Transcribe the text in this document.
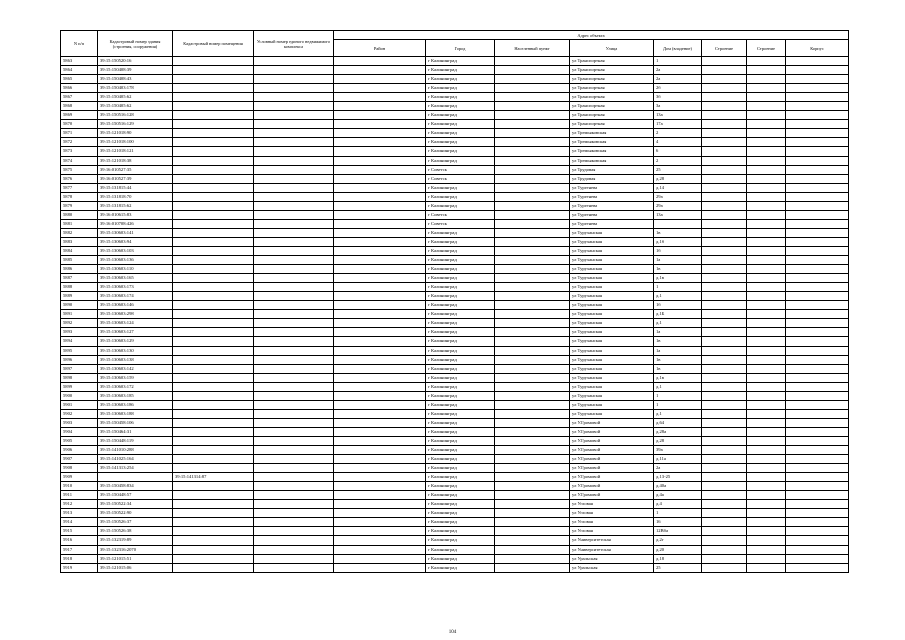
N п/п	Кадастровый номер здания (строения, сооружения)	Кадастровый номер помещения	Условный номер единого недвижимого комплекса	Адрес объекта							
				Район	Город	Населенный пункт	Улица	Дом (владение)	Строение	Строение	Корпус
5863	39:15:150520:16				г Калининград		ул Транспортная	1			
5864	39:15:150408:39				г Калининград		ул Транспортная	2а			
5865	39:15:150408:43				г Калининград		ул Транспортная	2а			
5866	39:15:150403:178				г Калининград		ул Транспортная	2б			
5867	39:15:150405:62				г Калининград		ул Транспортная	3б			
5868	39:15:150405:62				г Калининград		ул Транспортная	3а			
5869	39:15:150516:128				г Калининград		ул Транспортная	13а			
5870	39:15:150516:129				г Калининград		ул Транспортная	17а			
5871	39:15:121018:90				г Калининград		ул Тремьяковская	2			
5872	39:15:121018:100				г Калининград		ул Тремьяковская	4			
5873	39:15:121018:121				г Калининград		ул Тремьяковская	6			
5874	39:15:121018:38				г Калининград		ул Тремьяковская	2			
5875	39:16:010527:35				г Советск		ул Трудовая	25			
5876	39:16:010527:39				г Советск		ул Трудовая	д.28			
5877	39:15:131815:44				г Калининград		ул Тургенева	д.14			
5878	39:15:131818:70				г Калининград		ул Тургенева	29а			
5879	39:15:131815:62				г Калининград		ул Тургенева	29а			
5880	39:16:010615:83				г Советск		ул Тургенева	13а			
5881	39:16:010708:426				г Советск		ул Тургенева				
5882	39:15:130603:141				г Калининград		ул Туруханская	1в			
5883	39:15:130603:94				г Калининград		ул Туруханская	д.1б			
5884	39:15:130603:103				г Калининград		ул Туруханская	1б			
5885	39:15:130603:136				г Калининград		ул Туруханская	1а			
5886	39:15:130603:110				г Калининград		ул Туруханская	1в			
5887	39:15:130603:165				г Калининград		ул Туруханская	д.1в			
5888	39:15:130603:173				г Калининград		ул Туруханская	1			
5889	39:15:130603:174				г Калининград		ул Туруханская	д.1			
5890	39:15:130603:146				г Калининград		ул Туруханская	1б			
5891	39:15:130603:298				г Калининград		ул Туруханская	д.1Б			
5892	39:15:130603:124				г Калининград		ул Туруханская	д.1			
5893	39:15:130603:127				г Калининград		ул Туруханская	1а			
5894	39:15:130603:129				г Калининград		ул Туруханская	1в			
5895	39:15:130603:130				г Калининград		ул Туруханская	1а			
5896	39:15:130603:138				г Калининград		ул Туруханская	1в			
5897	39:15:130603:142				г Калининград		ул Туруханская	1в			
5898	39:15:130603:159				г Калининград		ул Туруханская	д.1в			
5899	39:15:130603:172				г Калининград		ул Туруханская	д.1			
5900	39:15:130603:185				г Калининград		ул Туруханская	1			
5901	39:15:130603:186				г Калининград		ул Туруханская	1			
5902	39:15:130603:188				г Калининград		ул Туруханская	д.1			
5903	39:15:150458:106				г Калининград		ул У.Громовой	д.64			
5904	39:15:150464:31				г Калининград		ул У.Громовой	д.28а			
5905	39:15:150448:119				г Калининград		ул У.Громовой	д.28			
5906	39:15:141010:288				г Калининград		ул У.Громовой	39а			
5907	39:15:141025:164				г Калининград		ул У.Громовой	д.11а			
5908	39:15:141313:254				г Калининград		ул У.Громовой	2а			
5909		39:15:141314:87			г Калининград		ул У.Громовой	д.13-25			
5910	39:15:150458:834				г Калининград		ул У.Громовой	д.40а			
5911	39:15:150448:57				г Калининград		ул У.Громовой	д.4а			
5912	39:15:150522:34				г Калининград		ул Угловая	д.4			
5913	39:15:150522:90				г Калининград		ул Угловая	1			
5914	39:15:150526:37				г Калининград		ул Угловая	16			
5915	39:15:150526:38				г Калининград		ул Угловая	12Вба			
5916	39:15:132319:89				г Калининград		ул Университетская	д.2г			
5917	39:15:132316:2070				г Калининград		ул Университетская	д.20			
5918	39:15:121015:51				г Калининград		ул Уральская	д.18			
5919	39:15:121015:06				г Калининград		ул Уральская	25			
104
